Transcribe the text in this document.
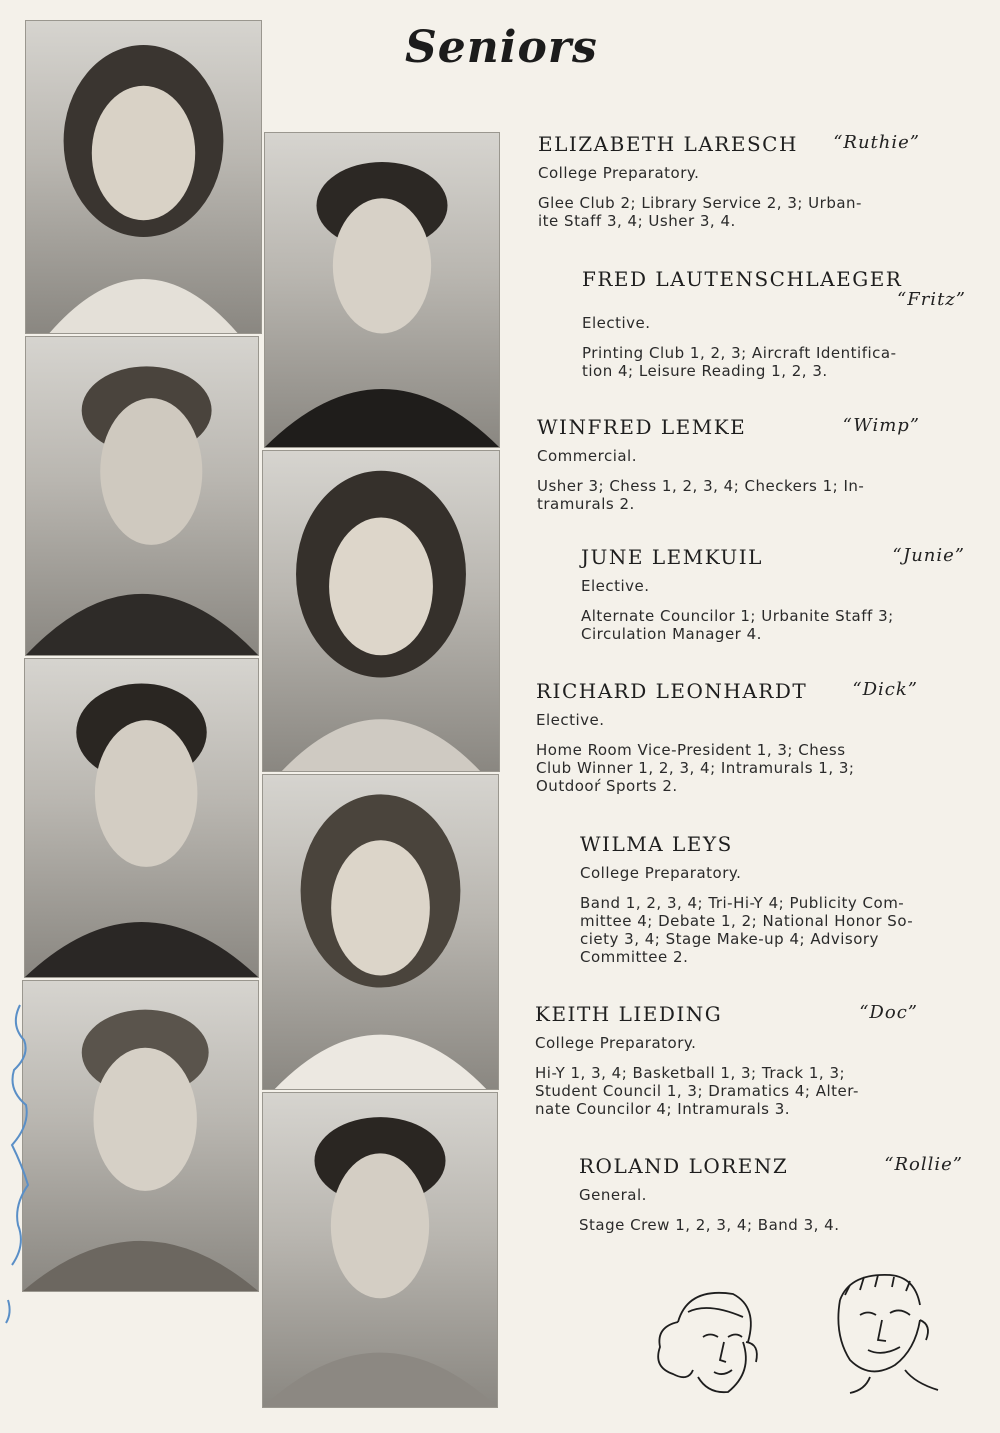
Seniors
ELIZABETH LARESCH “Ruthie”
College Preparatory.
Glee Club 2; Library Service 2, 3; Urban-
ite Staff 3, 4; Usher 3, 4.
FRED LAUTENSCHLAEGER
“Fritz”
Elective.
Printing Club 1, 2, 3; Aircraft Identifica-
tion 4; Leisure Reading 1, 2, 3.
WINFRED LEMKE	“Wimp”
Commercial.
Usher 3; Chess 1, 2, 3, 4; Checkers 1; In-
tramurals 2.
JUNE LEMKUIL	“Junie”
Elective.
Alternate Councilor 1; Urbanite Staff 3;
Circulation Manager 4.
RICHARD LEONHARDT	“Dick”
Elective.
Home Room Vice-President 1, 3; Chess
Club Winner 1, 2, 3, 4; Intramurals 1, 3;
Outdooŕ Sports 2.
WILMA LEYS
College Preparatory.
Band 1, 2, 3, 4; Tri-Hi-Y 4; Publicity Com-
mittee 4; Debate 1, 2; National Honor So-
ciety 3, 4; Stage Make-up 4; Advisory
Committee 2.
KEITH LIEDING	“Doc”
College Preparatory.
Hi-Y 1, 3, 4; Basketball 1, 3; Track 1, 3;
Student Council 1, 3; Dramatics 4; Alter-
nate Councilor 4; Intramurals 3.
ROLAND LORENZ	“Rollie”
General.
Stage Crew 1, 2, 3, 4; Band 3, 4.
